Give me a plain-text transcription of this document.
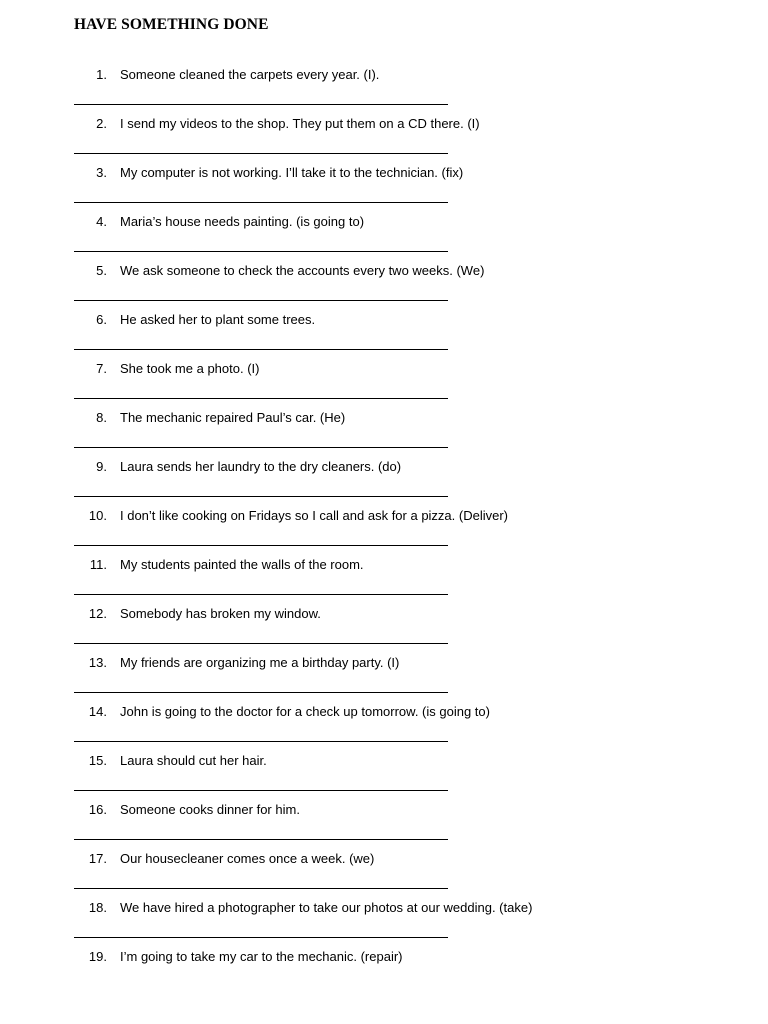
HAVE SOMETHING DONE
1. Someone cleaned the carpets every year. (I).
2. I send my videos to the shop. They put them on a CD there. (I)
3. My computer is not working. I’ll take it to the technician. (fix)
4. Maria’s house needs painting. (is going to)
5. We ask someone to check the accounts every two weeks. (We)
6. He asked her to plant some trees.
7. She took me a photo. (I)
8. The mechanic repaired Paul’s car. (He)
9. Laura sends her laundry to the dry cleaners. (do)
10. I don’t like cooking on Fridays so I call and ask for a pizza. (Deliver)
11. My students painted the walls of the room.
12. Somebody has broken my window.
13. My friends are organizing me a birthday party. (I)
14. John is going to the doctor for a check up tomorrow. (is going to)
15. Laura should cut her hair.
16. Someone cooks dinner for him.
17. Our housecleaner comes once a week. (we)
18. We have hired a photographer to take our photos at our wedding. (take)
19. I’m going to take my car to the mechanic. (repair)
